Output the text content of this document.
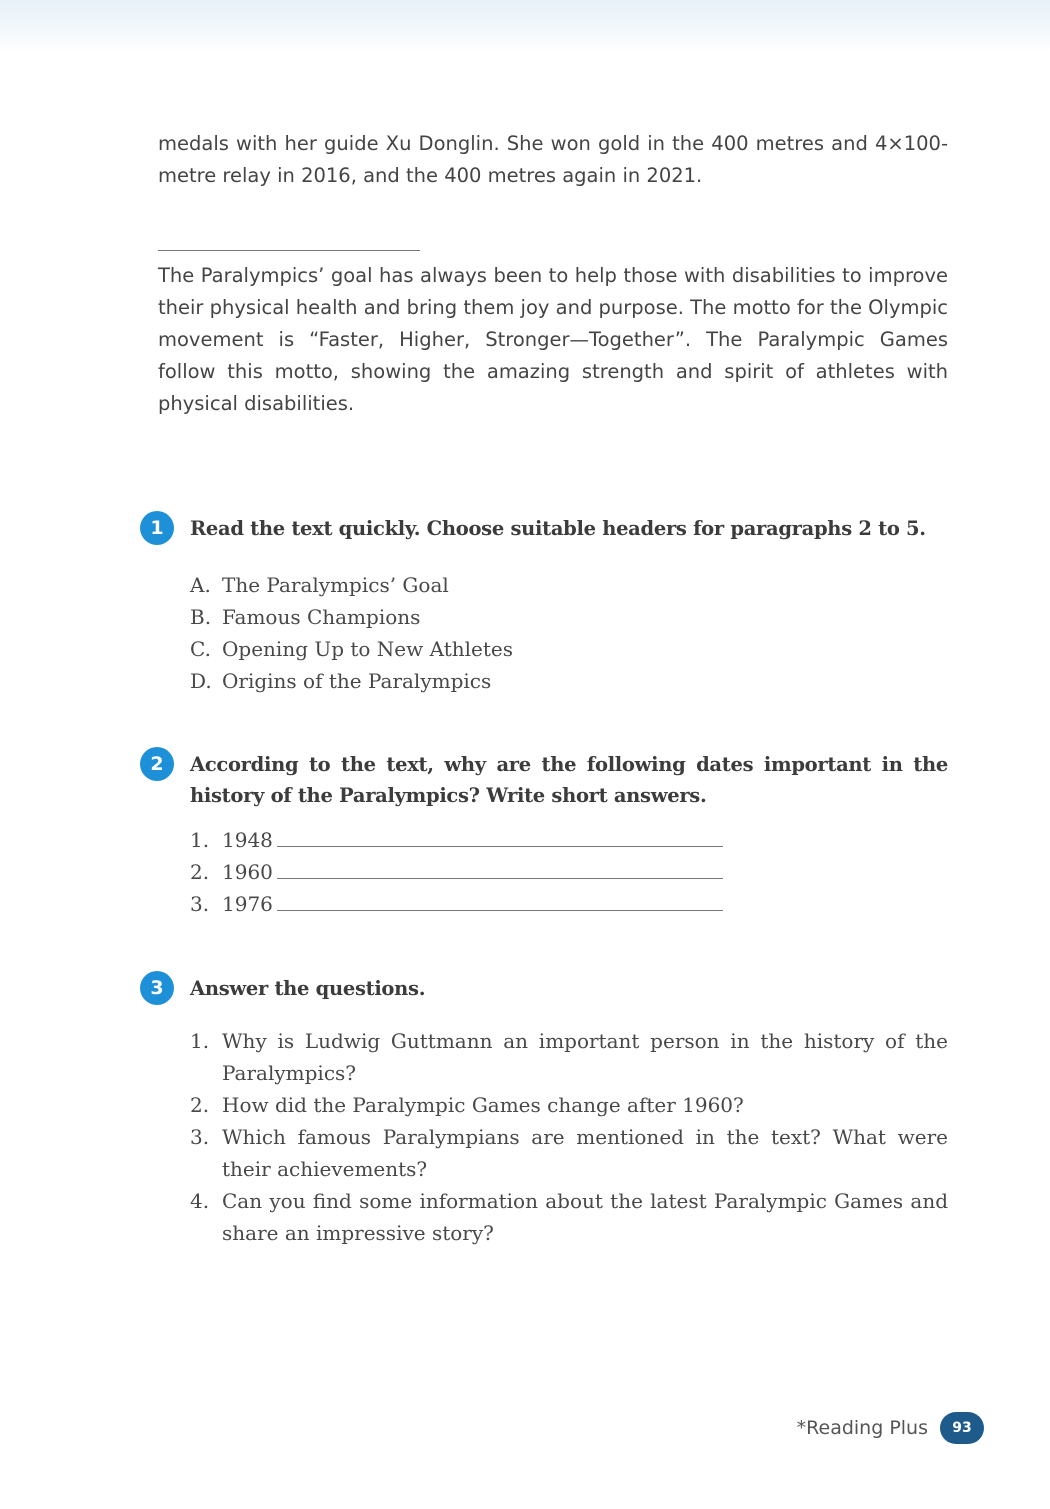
medals with her guide Xu Donglin. She won gold in the 400 metres and 4×100-metre relay in 2016, and the 400 metres again in 2021.
The Paralympics’ goal has always been to help those with disabilities to improve their physical health and bring them joy and purpose. The motto for the Olympic movement is “Faster, Higher, Stronger—Together”. The Paralympic Games follow this motto, showing the amazing strength and spirit of athletes with physical disabilities.
1	Read the text quickly. Choose suitable headers for paragraphs 2 to 5.
A. The Paralympics’ Goal
B. Famous Champions
C. Opening Up to New Athletes
D. Origins of the Paralympics
2	According to the text, why are the following dates important in the history of the Paralympics? Write short answers.
1. 1948
2. 1960
3. 1976
3	Answer the questions.
1. Why is Ludwig Guttmann an important person in the history of the Paralympics?
2. How did the Paralympic Games change after 1960?
3. Which famous Paralympians are mentioned in the text? What were their achievements?
4. Can you find some information about the latest Paralympic Games and share an impressive story?
*Reading Plus	93
